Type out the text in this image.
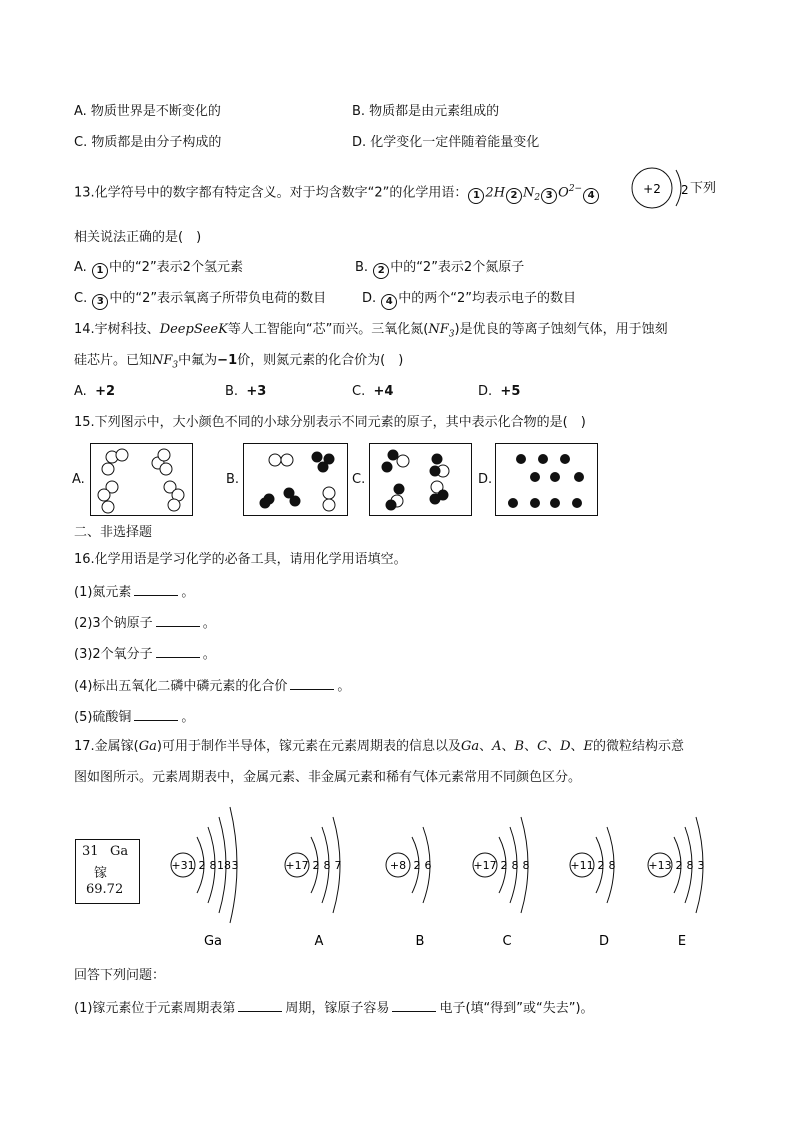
A. 物质世界是不断变化的	B. 物质都是由元素组成的
C. 物质都是由分子构成的	D. 化学变化一定伴随着能量变化
13.化学符号中的数字都有特定含义。对于均含数字“2”的化学用语： 1 2H 2 $N_2$ 3 $O^{2-}4$	+2 2 下列
相关说法正确的是(　)
A. 1 中的“2”表示2个氢元素	B. 2 中的“2”表示2个氮原子
C. 3 中的“2”表示氧离子所带负电荷的数目	D. 4 中的两个“2”均表示电子的数目
14.宇树科技、DeepSeeK等人工智能向“芯”而兴。三氧化氮$(NF_3)$是优良的等离子蚀刻气体，用于蚀刻
硅芯片。已知$NF_3$中氟为−1价，则氮元素的化合价为(　)
A. +2	B. +3	C. +4	D. +5
15.下列图示中，大小颜色不同的小球分别表示不同元素的原子，其中表示化合物的是(　)
A.	B.	C.	D.
二、非选择题
16.化学用语是学习化学的必备工具，请用化学用语填空。
(1)氮元素	。
(2)3个钠原子	。
(3)2个氧分子	。
(4)标出五氧化二磷中磷元素的化合价	。
(5)硫酸铜	。
17.金属镓(Ga)可用于制作半导体，镓元素在元素周期表的信息以及Ga、A、B、C、D、E的微粒结构示意
图如图所示。元素周期表中，金属元素、非金属元素和稀有气体元素常用不同颜色区分。
31 Ga
镓
69.72
+31 2 8 18 3
Ga
+17 2 8 7
A
+8 2 6
B
+17 2 8 8
C
+11 2 8
D
+13 2 8 3
E
回答下列问题：
(1)镓元素位于元素周期表第	周期，镓原子容易	电子(填“得到”或“失去”)。
